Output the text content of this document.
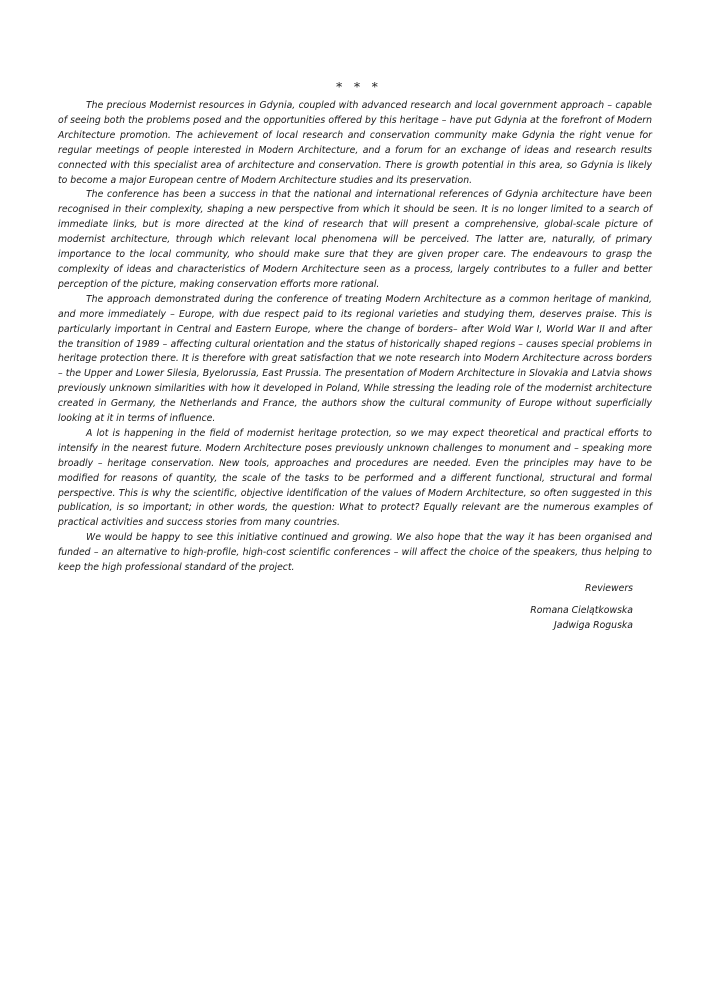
* * *

The precious Modernist resources in Gdynia, coupled with advanced research and local government approach – capable of seeing both the problems posed and the opportunities offered by this heritage – have put Gdynia at the forefront of Modern Architecture promotion. The achievement of local research and conservation community make Gdynia the right venue for regular meetings of people interested in Modern Architecture, and a forum for an exchange of ideas and research results connected with this specialist area of architecture and conservation. There is growth potential in this area, so Gdynia is likely to become a major European centre of Modern Architecture studies and its preservation.

The conference has been a success in that the national and international references of Gdynia architecture have been recognised in their complexity, shaping a new perspective from which it should be seen. It is no longer limited to a search of immediate links, but is more directed at the kind of research that will present a comprehensive, global-scale picture of modernist architecture, through which relevant local phenomena will be perceived. The latter are, naturally, of primary importance to the local community, who should make sure that they are given proper care. The endeavours to grasp the complexity of ideas and characteristics of Modern Architecture seen as a process, largely contributes to a fuller and better perception of the picture, making conservation efforts more rational.

The approach demonstrated during the conference of treating Modern Architecture as a common heritage of mankind, and more immediately – Europe, with due respect paid to its regional varieties and studying them, deserves praise. This is particularly important in Central and Eastern Europe, where the change of borders– after Wold War I, World War II and after the transition of 1989 – affecting cultural orientation and the status of historically shaped regions – causes special problems in heritage protection there. It is therefore with great satisfaction that we note research into Modern Architecture across borders – the Upper and Lower Silesia, Byelorussia, East Prussia. The presentation of Modern Architecture in Slovakia and Latvia shows previously unknown similarities with how it developed in Poland, While stressing the leading role of the modernist architecture created in Germany, the Netherlands and France, the authors show the cultural community of Europe without superficially looking at it in terms of influence.

A lot is happening in the field of modernist heritage protection, so we may expect theoretical and practical efforts to intensify in the nearest future. Modern Architecture poses previously unknown challenges to monument and – speaking more broadly – heritage conservation. New tools, approaches and procedures are needed. Even the principles may have to be modified for reasons of quantity, the scale of the tasks to be performed and a different functional, structural and formal perspective. This is why the scientific, objective identification of the values of Modern Architecture, so often suggested in this publication, is so important; in other words, the question: What to protect? Equally relevant are the numerous examples of practical activities and success stories from many countries.

We would be happy to see this initiative continued and growing. We also hope that the way it has been organised and funded – an alternative to high-profile, high-cost scientific conferences – will affect the choice of the speakers, thus helping to keep the high professional standard of the project.

Reviewers
Romana Cielątkowska
Jadwiga Roguska
